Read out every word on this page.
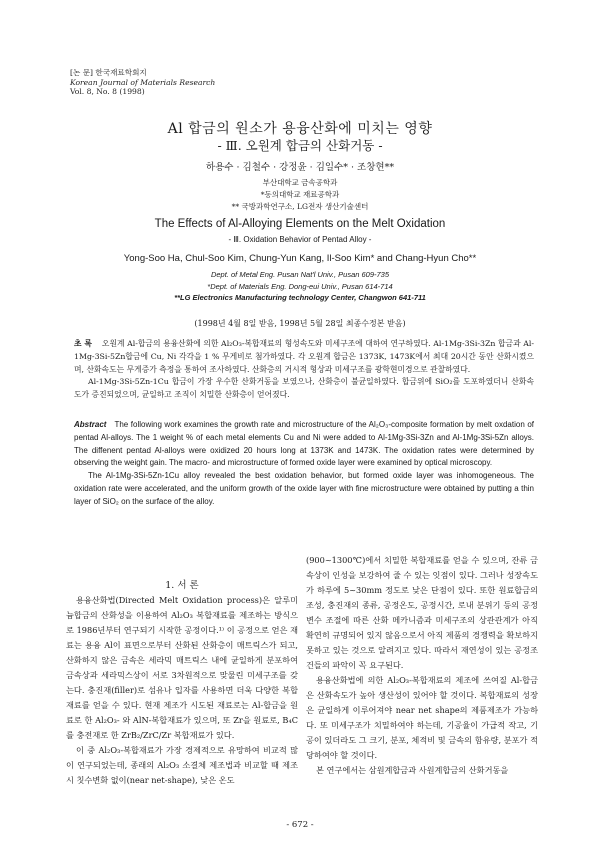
[논 문] 한국재료학회지
Korean Journal of Materials Research
Vol. 8, No. 8 (1998)
Al 합금의 원소가 용융산화에 미치는 영향
- Ⅲ. 오원계 합금의 산화거동 -
하용수 · 김철수 · 강정윤 · 김일수* · 조창현**
부산대학교 금속공학과
*동의대학교 재료공학과
** 국방과학연구소, LG전자 생산기술센터
The Effects of Al-Alloying Elements on the Melt Oxidation
- Ⅲ. Oxidation Behavior of Pentad Alloy -
Yong-Soo Ha, Chul-Soo Kim, Chung-Yun Kang, Il-Soo Kim* and Chang-Hyun Cho**
Dept. of Metal Eng. Pusan Nat'l Univ., Pusan 609-735
*Dept. of Materials Eng. Dong-eui Univ., Pusan 614-714
**LG Electronics Manufacturing technology Center, Changwon 641-711
(1998년 4월 8일 받음, 1998년 5월 28일 최종수정본 받음)

초 록 오원계 Al-합금의 용융산화에 의한 Al₂O₃-복합재료의 형성속도와 미세구조에 대하여 연구하였다. Al-1Mg-3Si-3Zn 합금과 Al-1Mg-3Si-5Zn합금에 Cu, Ni 각각을 1 % 무게비로 첨가하였다. 각 오원계 합금은 1373K, 1473K에서 최대 20시간 동안 산화시켰으며, 산화속도는 무게증가 측정을 통하여 조사하였다. 산화층의 거시적 형상과 미세구조를 광학현미경으로 관찰하였다.

Al-1Mg-3Si-5Zn-1Cu 합금이 가장 우수한 산화거동을 보였으나, 산화층이 불균일하였다. 합금위에 SiO₂를 도포하였더니 산화속도가 증진되었으며, 균일하고 조직이 치밀한 산화층이 얻어졌다.

Abstract The following work examines the growth rate and microstructure of the Al₂O₃-composite formation by melt oxdation of pentad Al-alloys. The 1 weight % of each metal elements Cu and Ni were added to Al-1Mg-3Si-3Zn and Al-1Mg-3Si-5Zn alloys. The diffenent pentad Al-alloys were oxidized 20 hours long at 1373K and 1473K. The oxidation rates were determined by observing the weight gain. The macro- and microstructure of formed oxide layer were examined by optical microscopy.

The Al-1Mg-3Si-5Zn-1Cu alloy revealed the best oxidation behavior, but formed oxide layer was inhomogeneous. The oxidation rate were accelerated, and the uniform growth of the oxide layer with fine microstructure were obtained by putting a thin layer of SiO₂ on the surface of the alloy.

1. 서 론

용융산화법(Directed Melt Oxidation process)은 알루미늄합금의 산화성을 이용하여 Al₂O₃ 복합재료를 제조하는 방식으로 1986년부터 연구되기 시작한 공정이다.¹⁾ 이 공정으로 얻은 재료는 용융 Al이 표면으로부터 산화된 산화층이 매트릭스가 되고, 산화하지 않은 금속은 세라믹 매트릭스 내에 균일하게 분포하여 금속상과 세라믹스상이 서로 3차원적으로 맞물린 미세구조를 갖는다. 충진재(filler)로 섬유나 입자를 사용하면 더욱 다양한 복합재료를 얻을 수 있다. 현재 제조가 시도된 재료로는 Al-합금을 원료로 한 Al₂O₃- 와 AlN-복합재료가 있으며, 또 Zr을 원료로, B₄C를 충전재로 한 ZrB₂/ZrC/Zr 복합재료가 있다.

이 중 Al₂O₃-복합재료가 가장 경제적으로 유망하여 비교적 많이 연구되었는데, 종래의 Al₂O₃ 소결체 제조법과 비교할 때 제조시 칫수변화 없이(near net-shape), 낮은 온도

(900~1300℃)에서 치밀한 복합재료를 얻을 수 있으며, 잔류 금속상이 인성을 보강하여 줄 수 있는 잇점이 있다. 그러나 성장속도가 하루에 5~30mm 정도로 낮은 단점이 있다. 또한 원료합금의 조성, 충진재의 종류, 공정온도, 공정시간, 로내 분위기 등의 공정변수 조절에 따른 산화 메카니즘과 미세구조의 상관관계가 아직 확연히 규명되어 있지 않음으로서 아직 제품의 경쟁력을 확보하지 못하고 있는 것으로 알려지고 있다. 따라서 재연성이 있는 공정조건들의 파악이 꼭 요구된다.

용융산화법에 의한 Al₂O₃-복합재료의 제조에 쓰여질 Al-합금은 산화속도가 높아 생산성이 있어야 할 것이다. 복합재료의 성장은 균일하게 이루어져야 near net shape의 제품제조가 가능하다. 또 미세구조가 치밀하여야 하는데, 기공율이 가급적 작고, 기공이 있더라도 그 크기, 분포, 체적비 및 금속의 함유량, 분포가 적당하여야 할 것이다.

본 연구에서는 삼원계합금과 사원계합금의 산화거동을

- 672 -
